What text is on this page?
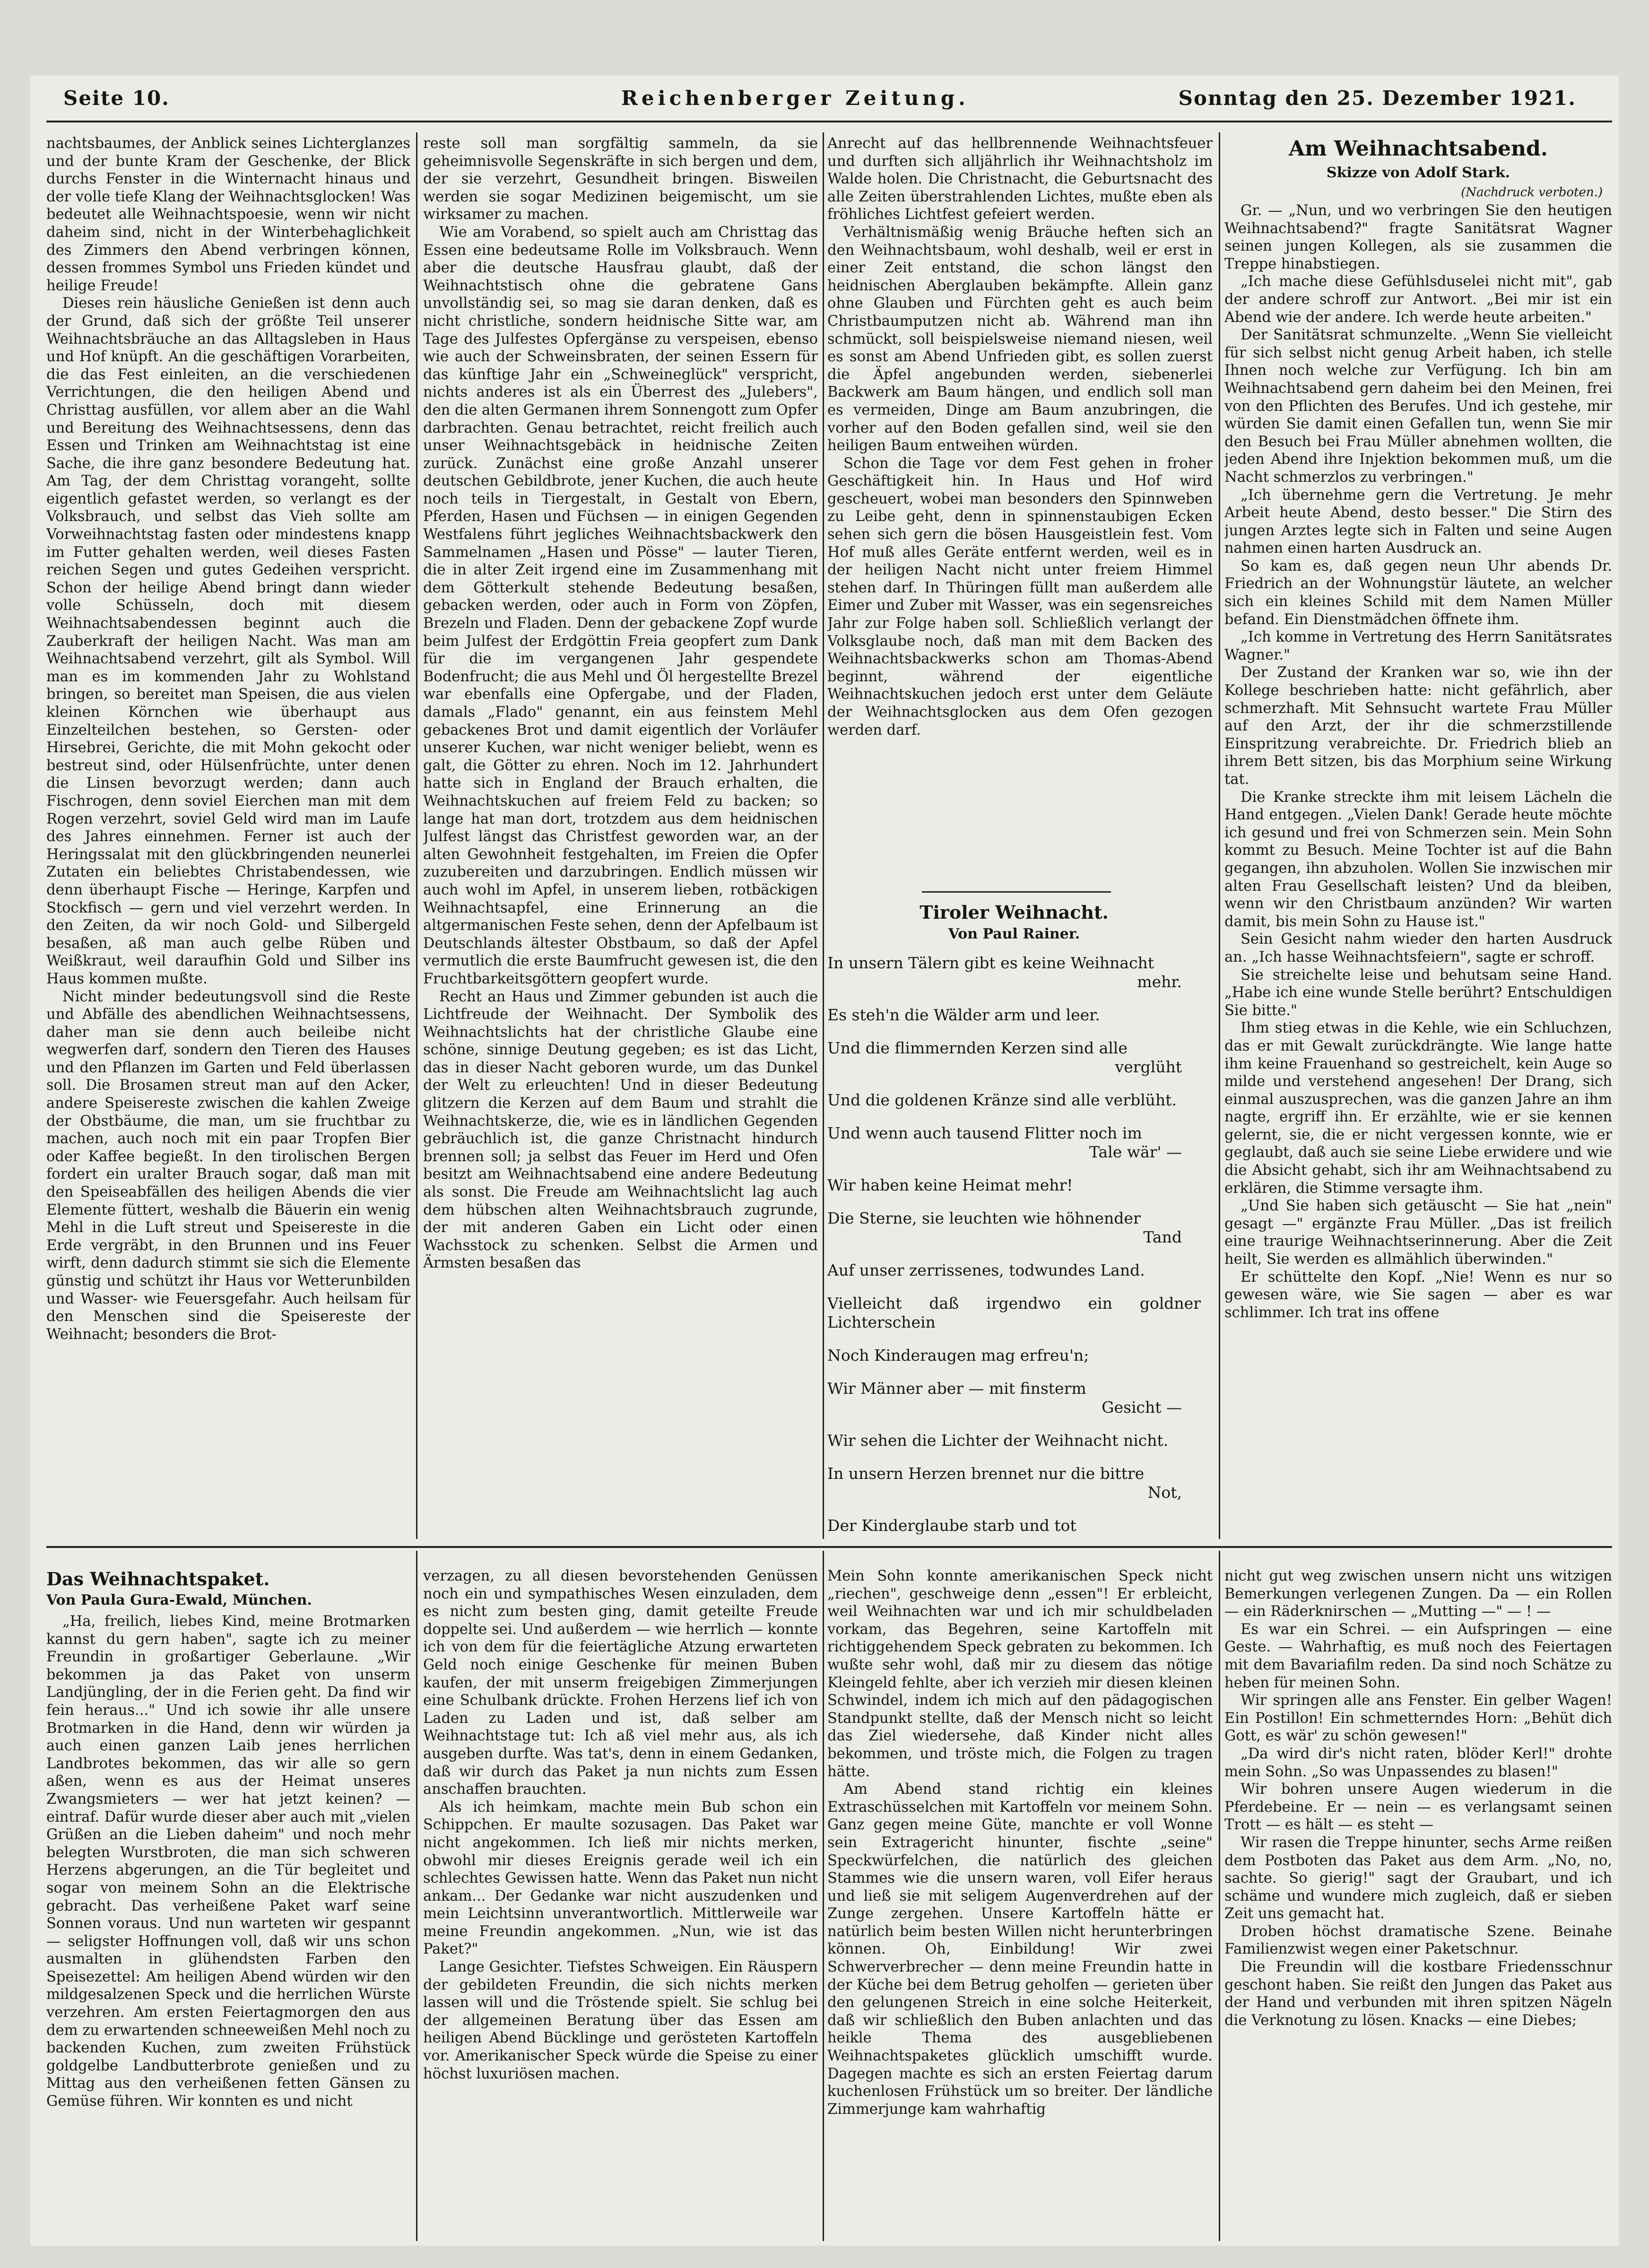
Seite 10.	Reichenberger Zeitung.	Sonntag den 25. Dezember 1921.

nachtsbaumes, der Anblick seines Lichterglanzes und der bunte Kram der Geschenke, der Blick durchs Fenster in die Winternacht hinaus und der volle tiefe Klang der Weihnachtsglocken! Was bedeutet alle Weihnachtspoesie, wenn wir nicht daheim sind, nicht in der Winterbehaglichkeit des Zimmers den Abend verbringen können, dessen frommes Symbol uns Frieden kündet und heilige Freude!

Dieses rein häusliche Genießen ist denn auch der Grund, daß sich der größte Teil unserer Weihnachtsbräuche an das Alltagsleben in Haus und Hof knüpft. An die geschäftigen Vorarbeiten, die das Fest einleiten, an die verschiedenen Verrichtungen, die den heiligen Abend und Christtag ausfüllen, vor allem aber an die Wahl und Bereitung des Weihnachtsessens, denn das Essen und Trinken am Weihnachtstag ist eine Sache, die ihre ganz besondere Bedeutung hat. Am Tag, der dem Christtag vorangeht, sollte eigentlich gefastet werden, so verlangt es der Volksbrauch, und selbst das Vieh sollte am Vorweihnachtstag fasten oder mindestens knapp im Futter gehalten werden, weil dieses Fasten reichen Segen und gutes Gedeihen verspricht. Schon der heilige Abend bringt dann wieder volle Schüsseln, doch mit diesem Weihnachtsabendessen beginnt auch die Zauberkraft der heiligen Nacht. Was man am Weihnachtsabend verzehrt, gilt als Symbol. Will man es im kommenden Jahr zu Wohlstand bringen, so bereitet man Speisen, die aus vielen kleinen Körnchen wie überhaupt aus Einzelteilchen bestehen, so Gersten- oder Hirsebrei, Gerichte, die mit Mohn gekocht oder bestreut sind, oder Hülsenfrüchte, unter denen die Linsen bevorzugt werden; dann auch Fischrogen, denn soviel Eierchen man mit dem Rogen verzehrt, soviel Geld wird man im Laufe des Jahres einnehmen. Ferner ist auch der Heringssalat mit den glückbringenden neunerlei Zutaten ein beliebtes Christabendessen, wie denn überhaupt Fische — Heringe, Karpfen und Stockfisch — gern und viel verzehrt werden. In den Zeiten, da wir noch Gold- und Silbergeld besaßen, aß man auch gelbe Rüben und Weißkraut, weil daraufhin Gold und Silber ins Haus kommen mußte.

Nicht minder bedeutungsvoll sind die Reste und Abfälle des abendlichen Weihnachtsessens, daher man sie denn auch beileibe nicht wegwerfen darf, sondern den Tieren des Hauses und den Pflanzen im Garten und Feld überlassen soll. Die Brosamen streut man auf den Acker, andere Speisereste zwischen die kahlen Zweige der Obstbäume, die man, um sie fruchtbar zu machen, auch noch mit ein paar Tropfen Bier oder Kaffee begießt. In den tirolischen Bergen fordert ein uralter Brauch sogar, daß man mit den Speiseabfällen des heiligen Abends die vier Elemente füttert, weshalb die Bäuerin ein wenig Mehl in die Luft streut und Speisereste in die Erde vergräbt, in den Brunnen und ins Feuer wirft, denn dadurch stimmt sie sich die Elemente günstig und schützt ihr Haus vor Wetterunbilden und Wasser- wie Feuersgefahr. Auch heilsam für den Menschen sind die Speisereste der Weihnacht; besonders die Brot-

reste soll man sorgfältig sammeln, da sie geheimnisvolle Segenskräfte in sich bergen und dem, der sie verzehrt, Gesundheit bringen. Bisweilen werden sie sogar Medizinen beigemischt, um sie wirksamer zu machen.

Wie am Vorabend, so spielt auch am Christtag das Essen eine bedeutsame Rolle im Volksbrauch. Wenn aber die deutsche Hausfrau glaubt, daß der Weihnachtstisch ohne die gebratene Gans unvollständig sei, so mag sie daran denken, daß es nicht christliche, sondern heidnische Sitte war, am Tage des Julfestes Opfergänse zu verspeisen, ebenso wie auch der Schweinsbraten, der seinen Essern für das künftige Jahr ein „Schweineglück" verspricht, nichts anderes ist als ein Überrest des „Julebers", den die alten Germanen ihrem Sonnengott zum Opfer darbrachten. Genau betrachtet, reicht freilich auch unser Weihnachtsgebäck in heidnische Zeiten zurück. Zunächst eine große Anzahl unserer deutschen Gebildbrote, jener Kuchen, die auch heute noch teils in Tiergestalt, in Gestalt von Ebern, Pferden, Hasen und Füchsen — in einigen Gegenden Westfalens führt jegliches Weihnachtsbackwerk den Sammelnamen „Hasen und Pösse" — lauter Tieren, die in alter Zeit irgend eine im Zusammenhang mit dem Götterkult stehende Bedeutung besaßen, gebacken werden, oder auch in Form von Zöpfen, Brezeln und Fladen. Denn der gebackene Zopf wurde beim Julfest der Erdgöttin Freia geopfert zum Dank für die im vergangenen Jahr gespendete Bodenfrucht; die aus Mehl und Öl hergestellte Brezel war ebenfalls eine Opfergabe, und der Fladen, damals „Flado" genannt, ein aus feinstem Mehl gebackenes Brot und damit eigentlich der Vorläufer unserer Kuchen, war nicht weniger beliebt, wenn es galt, die Götter zu ehren. Noch im 12. Jahrhundert hatte sich in England der Brauch erhalten, die Weihnachtskuchen auf freiem Feld zu backen; so lange hat man dort, trotzdem aus dem heidnischen Julfest längst das Christfest geworden war, an der alten Gewohnheit festgehalten, im Freien die Opfer zuzubereiten und darzubringen. Endlich müssen wir auch wohl im Apfel, in unserem lieben, rotbäckigen Weihnachtsapfel, eine Erinnerung an die altgermanischen Feste sehen, denn der Apfelbaum ist Deutschlands ältester Obstbaum, so daß der Apfel vermutlich die erste Baumfrucht gewesen ist, die den Fruchtbarkeitsgöttern geopfert wurde.

Recht an Haus und Zimmer gebunden ist auch die Lichtfreude der Weihnacht. Der Symbolik des Weihnachtslichts hat der christliche Glaube eine schöne, sinnige Deutung gegeben; es ist das Licht, das in dieser Nacht geboren wurde, um das Dunkel der Welt zu erleuchten! Und in dieser Bedeutung glitzern die Kerzen auf dem Baum und strahlt die Weihnachtskerze, die, wie es in ländlichen Gegenden gebräuchlich ist, die ganze Christnacht hindurch brennen soll; ja selbst das Feuer im Herd und Ofen besitzt am Weihnachtsabend eine andere Bedeutung als sonst. Die Freude am Weihnachtslicht lag auch dem hübschen alten Weihnachtsbrauch zugrunde, der mit anderen Gaben ein Licht oder einen Wachsstock zu schenken. Selbst die Armen und Ärmsten besaßen das

Anrecht auf das hellbrennende Weihnachtsfeuer und durften sich alljährlich ihr Weihnachtsholz im Walde holen. Die Christnacht, die Geburtsnacht des alle Zeiten überstrahlenden Lichtes, mußte eben als fröhliches Lichtfest gefeiert werden.

Verhältnismäßig wenig Bräuche heften sich an den Weihnachtsbaum, wohl deshalb, weil er erst in einer Zeit entstand, die schon längst den heidnischen Aberglauben bekämpfte. Allein ganz ohne Glauben und Fürchten geht es auch beim Christbaumputzen nicht ab. Während man ihn schmückt, soll beispielsweise niemand niesen, weil es sonst am Abend Unfrieden gibt, es sollen zuerst die Äpfel angebunden werden, siebenerlei Backwerk am Baum hängen, und endlich soll man es vermeiden, Dinge am Baum anzubringen, die vorher auf den Boden gefallen sind, weil sie den heiligen Baum entweihen würden.

Schon die Tage vor dem Fest gehen in froher Geschäftigkeit hin. In Haus und Hof wird gescheuert, wobei man besonders den Spinnweben zu Leibe geht, denn in spinnenstaubigen Ecken sehen sich gern die bösen Hausgeistlein fest. Vom Hof muß alles Geräte entfernt werden, weil es in der heiligen Nacht nicht unter freiem Himmel stehen darf. In Thüringen füllt man außerdem alle Eimer und Zuber mit Wasser, was ein segensreiches Jahr zur Folge haben soll. Schließlich verlangt der Volksglaube noch, daß man mit dem Backen des Weihnachtsbackwerks schon am Thomas-Abend beginnt, während der eigentliche Weihnachtskuchen jedoch erst unter dem Geläute der Weihnachtsglocken aus dem Ofen gezogen werden darf.

Tiroler Weihnacht.
Von Paul Rainer.
In unsern Tälern gibt es keine Weihnacht
mehr.
Es steh'n die Wälder arm und leer.
Und die flimmernden Kerzen sind alle
verglüht
Und die goldenen Kränze sind alle verblüht.
Und wenn auch tausend Flitter noch im
Tale wär' —
Wir haben keine Heimat mehr!
Die Sterne, sie leuchten wie höhnender
Tand
Auf unser zerrissenes, todwundes Land.
Vielleicht daß irgendwo ein goldner Lichterschein
Noch Kinderaugen mag erfreu'n;
Wir Männer aber — mit finsterm
Gesicht —
Wir sehen die Lichter der Weihnacht nicht.
In unsern Herzen brennet nur die bittre
Not,
Der Kinderglaube starb und tot
Am Weihnachtsabend.
Skizze von Adolf Stark.
(Nachdruck verboten.)

Gr. — „Nun, und wo verbringen Sie den heutigen Weihnachtsabend?" fragte Sanitätsrat Wagner seinen jungen Kollegen, als sie zusammen die Treppe hinabstiegen.

„Ich mache diese Gefühlsduselei nicht mit", gab der andere schroff zur Antwort. „Bei mir ist ein Abend wie der andere. Ich werde heute arbeiten."

Der Sanitätsrat schmunzelte. „Wenn Sie vielleicht für sich selbst nicht genug Arbeit haben, ich stelle Ihnen noch welche zur Verfügung. Ich bin am Weihnachtsabend gern daheim bei den Meinen, frei von den Pflichten des Berufes. Und ich gestehe, mir würden Sie damit einen Gefallen tun, wenn Sie mir den Besuch bei Frau Müller abnehmen wollten, die jeden Abend ihre Injektion bekommen muß, um die Nacht schmerzlos zu verbringen."

„Ich übernehme gern die Vertretung. Je mehr Arbeit heute Abend, desto besser." Die Stirn des jungen Arztes legte sich in Falten und seine Augen nahmen einen harten Ausdruck an.

So kam es, daß gegen neun Uhr abends Dr. Friedrich an der Wohnungstür läutete, an welcher sich ein kleines Schild mit dem Namen Müller befand. Ein Dienstmädchen öffnete ihm.

„Ich komme in Vertretung des Herrn Sanitätsrates Wagner."

Der Zustand der Kranken war so, wie ihn der Kollege beschrieben hatte: nicht gefährlich, aber schmerzhaft. Mit Sehnsucht wartete Frau Müller auf den Arzt, der ihr die schmerzstillende Einspritzung verabreichte. Dr. Friedrich blieb an ihrem Bett sitzen, bis das Morphium seine Wirkung tat.

Die Kranke streckte ihm mit leisem Lächeln die Hand entgegen. „Vielen Dank! Gerade heute möchte ich gesund und frei von Schmerzen sein. Mein Sohn kommt zu Besuch. Meine Tochter ist auf die Bahn gegangen, ihn abzuholen. Wollen Sie inzwischen mir alten Frau Gesellschaft leisten? Und da bleiben, wenn wir den Christbaum anzünden? Wir warten damit, bis mein Sohn zu Hause ist."

Sein Gesicht nahm wieder den harten Ausdruck an. „Ich hasse Weihnachtsfeiern", sagte er schroff.

Sie streichelte leise und behutsam seine Hand. „Habe ich eine wunde Stelle berührt? Entschuldigen Sie bitte."

Ihm stieg etwas in die Kehle, wie ein Schluchzen, das er mit Gewalt zurückdrängte. Wie lange hatte ihm keine Frauenhand so gestreichelt, kein Auge so milde und verstehend angesehen! Der Drang, sich einmal auszusprechen, was die ganzen Jahre an ihm nagte, ergriff ihn. Er erzählte, wie er sie kennen gelernt, sie, die er nicht vergessen konnte, wie er geglaubt, daß auch sie seine Liebe erwidere und wie die Absicht gehabt, sich ihr am Weihnachtsabend zu erklären, die Stimme versagte ihm.

„Und Sie haben sich getäuscht — Sie hat „nein" gesagt —" ergänzte Frau Müller. „Das ist freilich eine traurige Weihnachtserinnerung. Aber die Zeit heilt, Sie werden es allmählich überwinden."

Er schüttelte den Kopf. „Nie! Wenn es nur so gewesen wäre, wie Sie sagen — aber es war schlimmer. Ich trat ins offene

Das Weihnachtspaket.
Von Paula Gura-Ewald, München.

„Ha, freilich, liebes Kind, meine Brotmarken kannst du gern haben", sagte ich zu meiner Freundin in großartiger Geberlaune. „Wir bekommen ja das Paket von unserm Landjüngling, der in die Ferien geht. Da find wir fein heraus..." Und ich sowie ihr alle unsere Brotmarken in die Hand, denn wir würden ja auch einen ganzen Laib jenes herrlichen Landbrotes bekommen, das wir alle so gern aßen, wenn es aus der Heimat unseres Zwangsmieters — wer hat jetzt keinen? — eintraf. Dafür wurde dieser aber auch mit „vielen Grüßen an die Lieben daheim" und noch mehr belegten Wurstbroten, die man sich schweren Herzens abgerungen, an die Tür begleitet und sogar von meinem Sohn an die Elektrische gebracht. Das verheißene Paket warf seine Sonnen voraus. Und nun warteten wir gespannt — seligster Hoffnungen voll, daß wir uns schon ausmalten in glühendsten Farben den Speisezettel: Am heiligen Abend würden wir den mildgesalzenen Speck und die herrlichen Würste verzehren. Am ersten Feiertagmorgen den aus dem zu erwartenden schneeweißen Mehl noch zu backenden Kuchen, zum zweiten Frühstück goldgelbe Landbutterbrote genießen und zu Mittag aus den verheißenen fetten Gänsen zu Gemüse führen. Wir konnten es und nicht

verzagen, zu all diesen bevorstehenden Genüssen noch ein und sympathisches Wesen einzuladen, dem es nicht zum besten ging, damit geteilte Freude doppelte sei. Und außerdem — wie herrlich — konnte ich von dem für die feiertägliche Atzung erwarteten Geld noch einige Geschenke für meinen Buben kaufen, der mit unserm freigebigen Zimmerjungen eine Schulbank drückte. Frohen Herzens lief ich von Laden zu Laden und ist, daß selber am Weihnachtstage tut: Ich aß viel mehr aus, als ich ausgeben durfte. Was tat's, denn in einem Gedanken, daß wir durch das Paket ja nun nichts zum Essen anschaffen brauchten.

Als ich heimkam, machte mein Bub schon ein Schippchen. Er maulte sozusagen. Das Paket war nicht angekommen. Ich ließ mir nichts merken, obwohl mir dieses Ereignis gerade weil ich ein schlechtes Gewissen hatte. Wenn das Paket nun nicht ankam... Der Gedanke war nicht auszudenken und mein Leichtsinn unverantwortlich. Mittlerweile war meine Freundin angekommen. „Nun, wie ist das Paket?"

Lange Gesichter. Tiefstes Schweigen. Ein Räuspern der gebildeten Freundin, die sich nichts merken lassen will und die Tröstende spielt. Sie schlug bei der allgemeinen Beratung über das Essen am heiligen Abend Bücklinge und gerösteten Kartoffeln vor. Amerikanischer Speck würde die Speise zu einer höchst luxuriösen machen.

Mein Sohn konnte amerikanischen Speck nicht „riechen", geschweige denn „essen"! Er erbleicht, weil Weihnachten war und ich mir schuldbeladen vorkam, das Begehren, seine Kartoffeln mit richtiggehendem Speck gebraten zu bekommen. Ich wußte sehr wohl, daß mir zu diesem das nötige Kleingeld fehlte, aber ich verzieh mir diesen kleinen Schwindel, indem ich mich auf den pädagogischen Standpunkt stellte, daß der Mensch nicht so leicht das Ziel wiedersehe, daß Kinder nicht alles bekommen, und tröste mich, die Folgen zu tragen hätte.

Am Abend stand richtig ein kleines Extraschüsselchen mit Kartoffeln vor meinem Sohn. Ganz gegen meine Güte, manchte er voll Wonne sein Extragericht hinunter, fischte „seine" Speckwürfelchen, die natürlich des gleichen Stammes wie die unsern waren, voll Eifer heraus und ließ sie mit seligem Augenverdrehen auf der Zunge zergehen. Unsere Kartoffeln hätte er natürlich beim besten Willen nicht herunterbringen können. Oh, Einbildung! Wir zwei Schwerverbrecher — denn meine Freundin hatte in der Küche bei dem Betrug geholfen — gerieten über den gelungenen Streich in eine solche Heiterkeit, daß wir schließlich den Buben anlachten und das heikle Thema des ausgebliebenen Weihnachtspaketes glücklich umschifft wurde. Dagegen machte es sich an ersten Feiertag darum kuchenlosen Frühstück um so breiter. Der ländliche Zimmerjunge kam wahrhaftig

nicht gut weg zwischen unsern nicht uns witzigen Bemerkungen verlegenen Zungen. Da — ein Rollen — ein Räderknirschen — „Mutting —" — ! —

Es war ein Schrei. — ein Aufspringen — eine Geste. — Wahrhaftig, es muß noch des Feiertagen mit dem Bavariafilm reden. Da sind noch Schätze zu heben für meinen Sohn.

Wir springen alle ans Fenster. Ein gelber Wagen! Ein Postillon! Ein schmetterndes Horn: „Behüt dich Gott, es wär' zu schön gewesen!"

„Da wird dir's nicht raten, blöder Kerl!" drohte mein Sohn. „So was Unpassendes zu blasen!"

Wir bohren unsere Augen wiederum in die Pferdebeine. Er — nein — es verlangsamt seinen Trott — es hält — es steht —

Wir rasen die Treppe hinunter, sechs Arme reißen dem Postboten das Paket aus dem Arm. „No, no, sachte. So gierig!" sagt der Graubart, und ich schäme und wundere mich zugleich, daß er sieben Zeit uns gemacht hat.

Droben höchst dramatische Szene. Beinahe Familienzwist wegen einer Paketschnur.

Die Freundin will die kostbare Friedensschnur geschont haben. Sie reißt den Jungen das Paket aus der Hand und verbunden mit ihren spitzen Nägeln die Verknotung zu lösen. Knacks — eine Diebes;
